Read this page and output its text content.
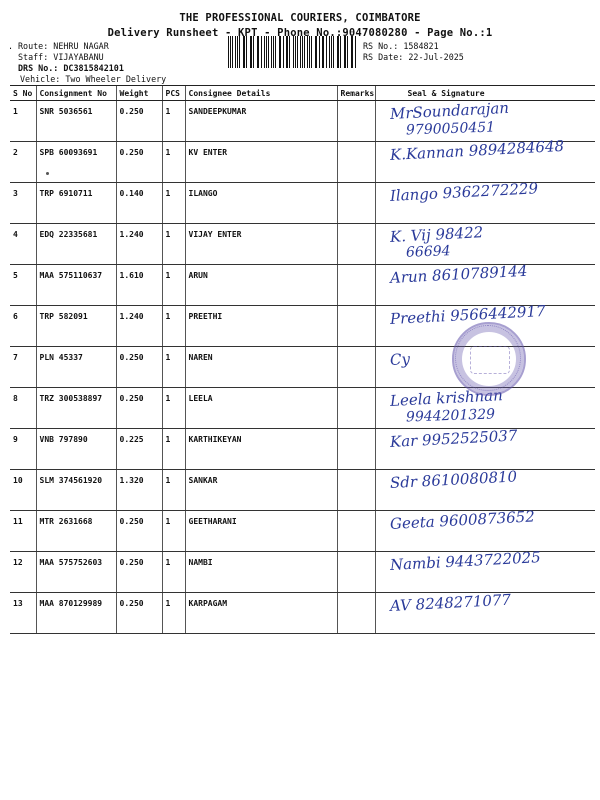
THE PROFESSIONAL COURIERS, COIMBATORE
Delivery Runsheet - KPT - Phone No.:9047080280 - Page No.:1
. Route: NEHRU NAGAR
Staff: VIJAYABANU
DRS No.: DC3815842101
RS No.: 1584821
RS Date: 22-Jul-2025
Vehicle: Two Wheeler Delivery
S No	Consignment No	Weight	PCS	Consignee Details	Remarks	Seal & Signature
1	SNR 5036561	0.250	1	SANDEEPKUMAR		MrSoundarajan
9790050451

2	SPB 60093691	0.250	1	KV ENTER		K.Kannan 9894284648

3	TRP 6910711	0.140	1	ILANGO		Ilango 9362272229

4	EDQ 22335681	1.240	1	VIJAY ENTER		K. Vij 98422
66694

5	MAA 575110637	1.610	1	ARUN		Arun 8610789144

6	TRP 582091	1.240	1	PREETHI		Preethi 9566442917

7	PLN 45337	0.250	1	NAREN		Cy

8	TRZ 300538897	0.250	1	LEELA		Leela krishnan
9944201329

9	VNB 797890	0.225	1	KARTHIKEYAN		Kar 9952525037

10	SLM 374561920	1.320	1	SANKAR		Sdr 8610080810

11	MTR 2631668	0.250	1	GEETHARANI		Geeta 9600873652

12	MAA 575752603	0.250	1	NAMBI		Nambi 9443722025

13	MAA 870129989	0.250	1	KARPAGAM		AV 8248271077
